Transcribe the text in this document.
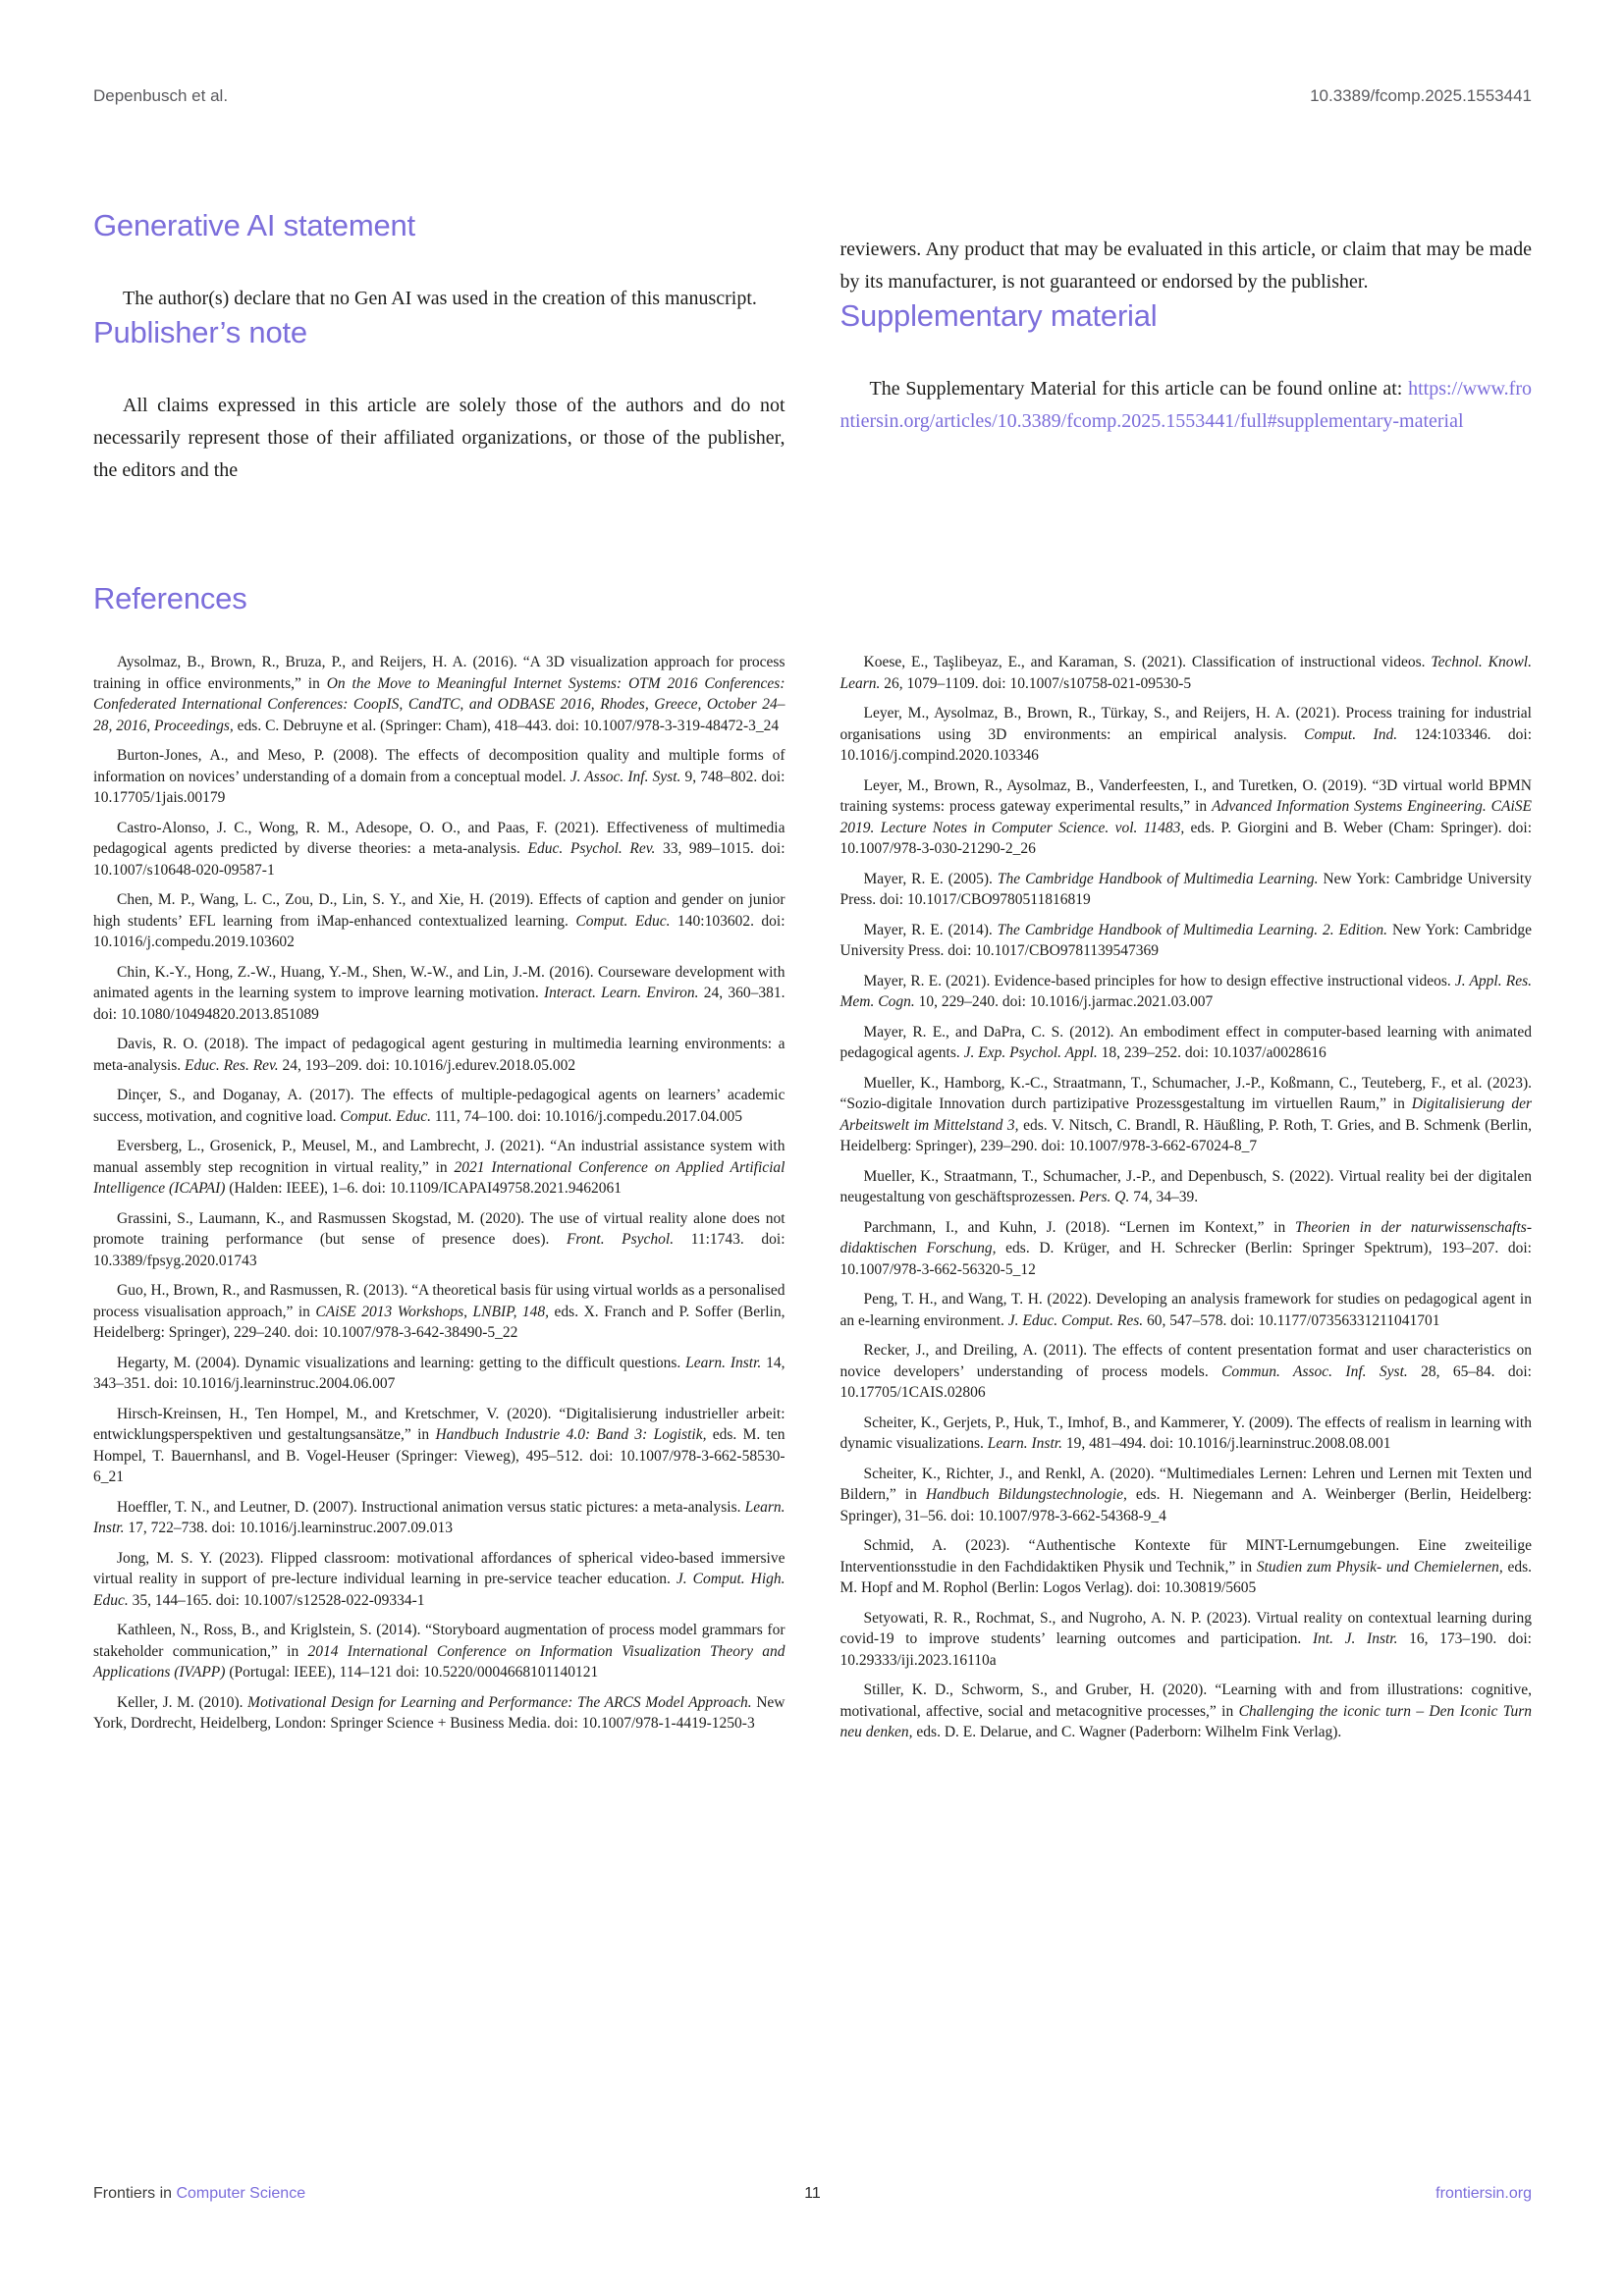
Depenbusch et al.	10.3389/fcomp.2025.1553441
Generative AI statement

The author(s) declare that no Gen AI was used in the creation of this manuscript.

Publisher’s note

All claims expressed in this article are solely those of the authors and do not necessarily represent those of their affiliated organizations, or those of the publisher, the editors and the

reviewers. Any product that may be evaluated in this article, or claim that may be made by its manufacturer, is not guaranteed or endorsed by the publisher.

Supplementary material

The Supplementary Material for this article can be found online at: https://www.frontiersin.org/articles/10.3389/fcomp.2025.1553441/full#supplementary-material

References

Aysolmaz, B., Brown, R., Bruza, P., and Reijers, H. A. (2016). “A 3D visualization approach for process training in office environments,” in On the Move to Meaningful Internet Systems: OTM 2016 Conferences: Confederated International Conferences: CoopIS, CandTC, and ODBASE 2016, Rhodes, Greece, October 24–28, 2016, Proceedings, eds. C. Debruyne et al. (Springer: Cham), 418–443. doi: 10.1007/978-3-319-48472-3_24

Burton-Jones, A., and Meso, P. (2008). The effects of decomposition quality and multiple forms of information on novices’ understanding of a domain from a conceptual model. J. Assoc. Inf. Syst. 9, 748–802. doi: 10.17705/1jais.00179

Castro-Alonso, J. C., Wong, R. M., Adesope, O. O., and Paas, F. (2021). Effectiveness of multimedia pedagogical agents predicted by diverse theories: a meta-analysis. Educ. Psychol. Rev. 33, 989–1015. doi: 10.1007/s10648-020-09587-1

Chen, M. P., Wang, L. C., Zou, D., Lin, S. Y., and Xie, H. (2019). Effects of caption and gender on junior high students’ EFL learning from iMap-enhanced contextualized learning. Comput. Educ. 140:103602. doi: 10.1016/j.compedu.2019.103602

Chin, K.-Y., Hong, Z.-W., Huang, Y.-M., Shen, W.-W., and Lin, J.-M. (2016). Courseware development with animated agents in the learning system to improve learning motivation. Interact. Learn. Environ. 24, 360–381. doi: 10.1080/10494820.2013.851089

Davis, R. O. (2018). The impact of pedagogical agent gesturing in multimedia learning environments: a meta-analysis. Educ. Res. Rev. 24, 193–209. doi: 10.1016/j.edurev.2018.05.002

Dinçer, S., and Doganay, A. (2017). The effects of multiple-pedagogical agents on learners’ academic success, motivation, and cognitive load. Comput. Educ. 111, 74–100. doi: 10.1016/j.compedu.2017.04.005

Eversberg, L., Grosenick, P., Meusel, M., and Lambrecht, J. (2021). “An industrial assistance system with manual assembly step recognition in virtual reality,” in 2021 International Conference on Applied Artificial Intelligence (ICAPAI) (Halden: IEEE), 1–6. doi: 10.1109/ICAPAI49758.2021.9462061

Grassini, S., Laumann, K., and Rasmussen Skogstad, M. (2020). The use of virtual reality alone does not promote training performance (but sense of presence does). Front. Psychol. 11:1743. doi: 10.3389/fpsyg.2020.01743

Guo, H., Brown, R., and Rasmussen, R. (2013). “A theoretical basis für using virtual worlds as a personalised process visualisation approach,” in CAiSE 2013 Workshops, LNBIP, 148, eds. X. Franch and P. Soffer (Berlin, Heidelberg: Springer), 229–240. doi: 10.1007/978-3-642-38490-5_22

Hegarty, M. (2004). Dynamic visualizations and learning: getting to the difficult questions. Learn. Instr. 14, 343–351. doi: 10.1016/j.learninstruc.2004.06.007

Hirsch-Kreinsen, H., Ten Hompel, M., and Kretschmer, V. (2020). “Digitalisierung industrieller arbeit: entwicklungsperspektiven und gestaltungsansätze,” in Handbuch Industrie 4.0: Band 3: Logistik, eds. M. ten Hompel, T. Bauernhansl, and B. Vogel-Heuser (Springer: Vieweg), 495–512. doi: 10.1007/978-3-662-58530-6_21

Hoeffler, T. N., and Leutner, D. (2007). Instructional animation versus static pictures: a meta-analysis. Learn. Instr. 17, 722–738. doi: 10.1016/j.learninstruc.2007.09.013

Jong, M. S. Y. (2023). Flipped classroom: motivational affordances of spherical video-based immersive virtual reality in support of pre-lecture individual learning in pre-service teacher education. J. Comput. High. Educ. 35, 144–165. doi: 10.1007/s12528-022-09334-1

Kathleen, N., Ross, B., and Kriglstein, S. (2014). “Storyboard augmentation of process model grammars for stakeholder communication,” in 2014 International Conference on Information Visualization Theory and Applications (IVAPP) (Portugal: IEEE), 114–121 doi: 10.5220/0004668101140121

Keller, J. M. (2010). Motivational Design for Learning and Performance: The ARCS Model Approach. New York, Dordrecht, Heidelberg, London: Springer Science + Business Media. doi: 10.1007/978-1-4419-1250-3

Koese, E., Taşlibeyaz, E., and Karaman, S. (2021). Classification of instructional videos. Technol. Knowl. Learn. 26, 1079–1109. doi: 10.1007/s10758-021-09530-5

Leyer, M., Aysolmaz, B., Brown, R., Türkay, S., and Reijers, H. A. (2021). Process training for industrial organisations using 3D environments: an empirical analysis. Comput. Ind. 124:103346. doi: 10.1016/j.compind.2020.103346

Leyer, M., Brown, R., Aysolmaz, B., Vanderfeesten, I., and Turetken, O. (2019). “3D virtual world BPMN training systems: process gateway experimental results,” in Advanced Information Systems Engineering. CAiSE 2019. Lecture Notes in Computer Science. vol. 11483, eds. P. Giorgini and B. Weber (Cham: Springer). doi: 10.1007/978-3-030-21290-2_26

Mayer, R. E. (2005). The Cambridge Handbook of Multimedia Learning. New York: Cambridge University Press. doi: 10.1017/CBO9780511816819

Mayer, R. E. (2014). The Cambridge Handbook of Multimedia Learning. 2. Edition. New York: Cambridge University Press. doi: 10.1017/CBO9781139547369

Mayer, R. E. (2021). Evidence-based principles for how to design effective instructional videos. J. Appl. Res. Mem. Cogn. 10, 229–240. doi: 10.1016/j.jarmac.2021.03.007

Mayer, R. E., and DaPra, C. S. (2012). An embodiment effect in computer-based learning with animated pedagogical agents. J. Exp. Psychol. Appl. 18, 239–252. doi: 10.1037/a0028616

Mueller, K., Hamborg, K.-C., Straatmann, T., Schumacher, J.-P., Koßmann, C., Teuteberg, F., et al. (2023). “Sozio-digitale Innovation durch partizipative Prozessgestaltung im virtuellen Raum,” in Digitalisierung der Arbeitswelt im Mittelstand 3, eds. V. Nitsch, C. Brandl, R. Häußling, P. Roth, T. Gries, and B. Schmenk (Berlin, Heidelberg: Springer), 239–290. doi: 10.1007/978-3-662-67024-8_7

Mueller, K., Straatmann, T., Schumacher, J.-P., and Depenbusch, S. (2022). Virtual reality bei der digitalen neugestaltung von geschäftsprozessen. Pers. Q. 74, 34–39.

Parchmann, I., and Kuhn, J. (2018). “Lernen im Kontext,” in Theorien in der naturwissenschafts-didaktischen Forschung, eds. D. Krüger, and H. Schrecker (Berlin: Springer Spektrum), 193–207. doi: 10.1007/978-3-662-56320-5_12

Peng, T. H., and Wang, T. H. (2022). Developing an analysis framework for studies on pedagogical agent in an e-learning environment. J. Educ. Comput. Res. 60, 547–578. doi: 10.1177/07356331211041701

Recker, J., and Dreiling, A. (2011). The effects of content presentation format and user characteristics on novice developers’ understanding of process models. Commun. Assoc. Inf. Syst. 28, 65–84. doi: 10.17705/1CAIS.02806

Scheiter, K., Gerjets, P., Huk, T., Imhof, B., and Kammerer, Y. (2009). The effects of realism in learning with dynamic visualizations. Learn. Instr. 19, 481–494. doi: 10.1016/j.learninstruc.2008.08.001

Scheiter, K., Richter, J., and Renkl, A. (2020). “Multimediales Lernen: Lehren und Lernen mit Texten und Bildern,” in Handbuch Bildungstechnologie, eds. H. Niegemann and A. Weinberger (Berlin, Heidelberg: Springer), 31–56. doi: 10.1007/978-3-662-54368-9_4

Schmid, A. (2023). “Authentische Kontexte für MINT-Lernumgebungen. Eine zweiteilige Interventionsstudie in den Fachdidaktiken Physik und Technik,” in Studien zum Physik- und Chemielernen, eds. M. Hopf and M. Rophol (Berlin: Logos Verlag). doi: 10.30819/5605

Setyowati, R. R., Rochmat, S., and Nugroho, A. N. P. (2023). Virtual reality on contextual learning during covid-19 to improve students’ learning outcomes and participation. Int. J. Instr. 16, 173–190. doi: 10.29333/iji.2023.16110a

Stiller, K. D., Schworm, S., and Gruber, H. (2020). “Learning with and from illustrations: cognitive, motivational, affective, social and metacognitive processes,” in Challenging the iconic turn – Den Iconic Turn neu denken, eds. D. E. Delarue, and C. Wagner (Paderborn: Wilhelm Fink Verlag).

Frontiers in Computer Science	11	frontiersin.org
